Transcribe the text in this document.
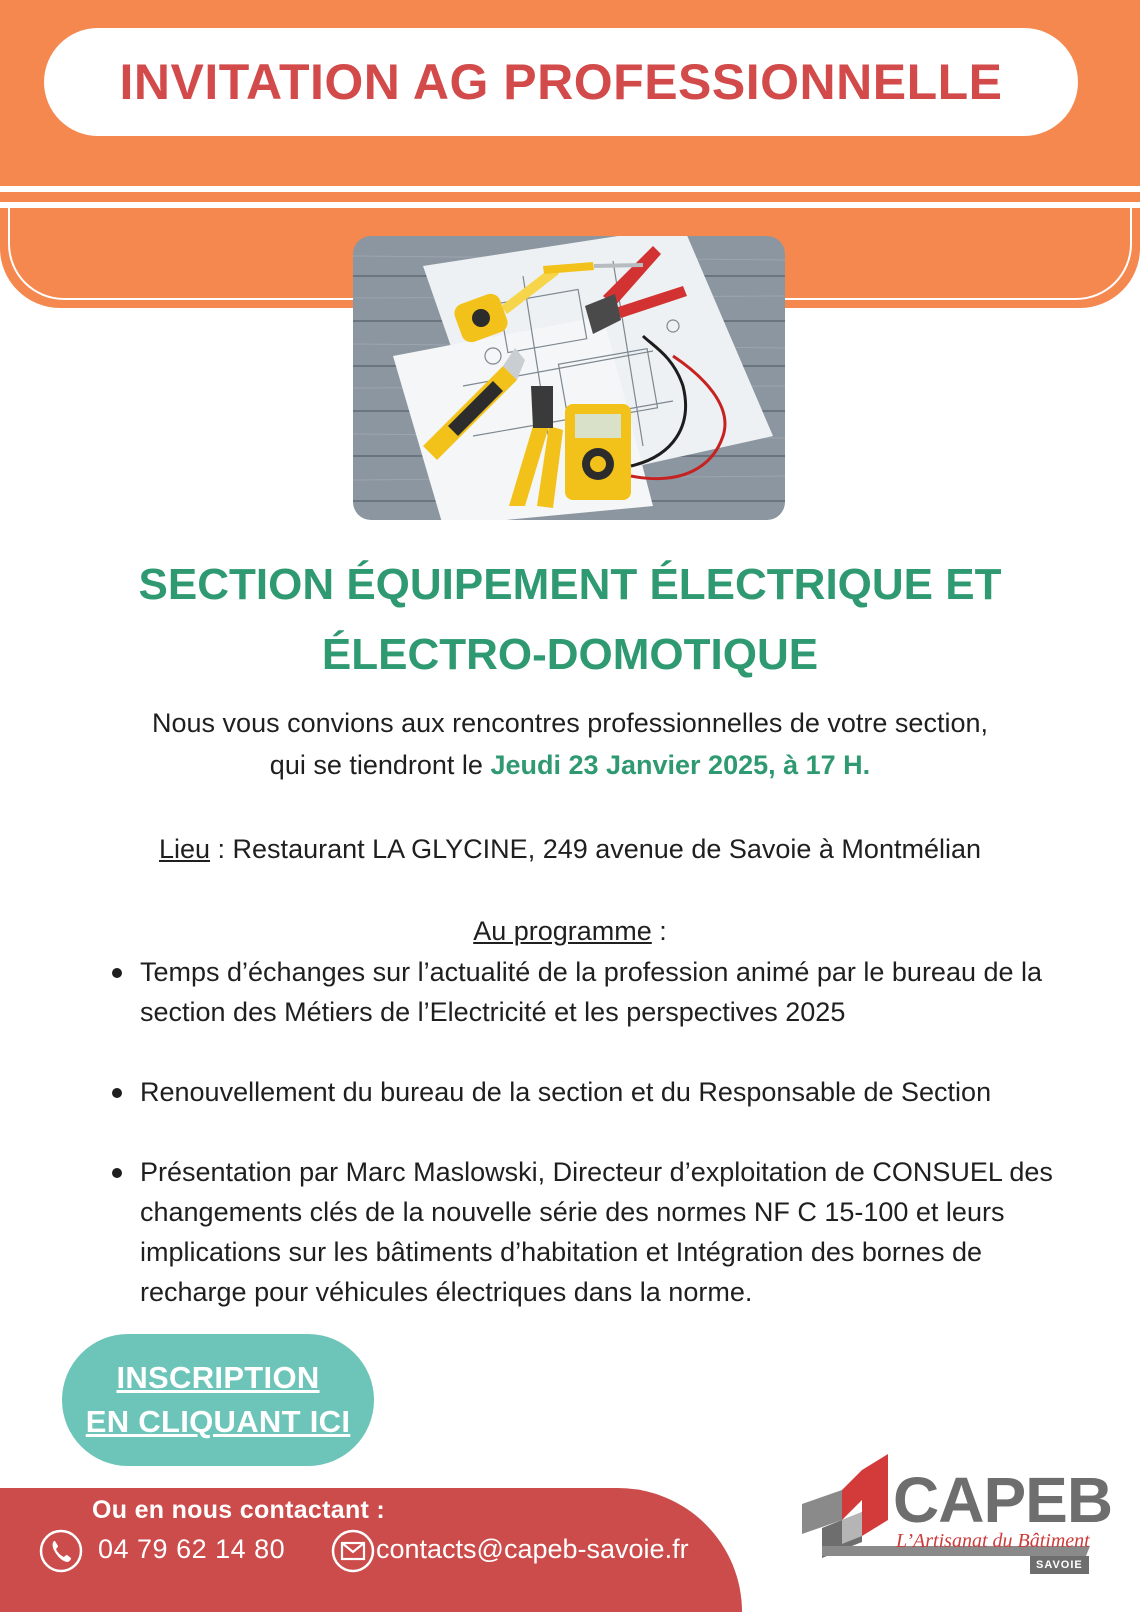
INVITATION AG PROFESSIONNELLE
SECTION ÉQUIPEMENT ÉLECTRIQUE ET
ÉLECTRO-DOMOTIQUE
Nous vous convions aux rencontres professionnelles de votre section,
qui se tiendront le Jeudi 23 Janvier 2025, à 17 H.
Lieu : Restaurant LA GLYCINE, 249 avenue de Savoie à Montmélian
Au programme :
Temps d’échanges sur l’actualité de la profession animé par le bureau de la section des Métiers de l’Electricité et les perspectives 2025
Renouvellement du bureau de la section et du Responsable de Section
Présentation par Marc Maslowski, Directeur d’exploitation de CONSUEL des changements clés de la nouvelle série des normes NF C 15-100 et leurs implications sur les bâtiments d’habitation et Intégration des bornes de recharge pour véhicules électriques dans la norme.
INSCRIPTION
EN CLIQUANT ICI
Ou en nous contactant :
04 79 62 14 80	contacts@capeb-savoie.fr
CAPEB
L’Artisanat du Bâtiment
SAVOIE
